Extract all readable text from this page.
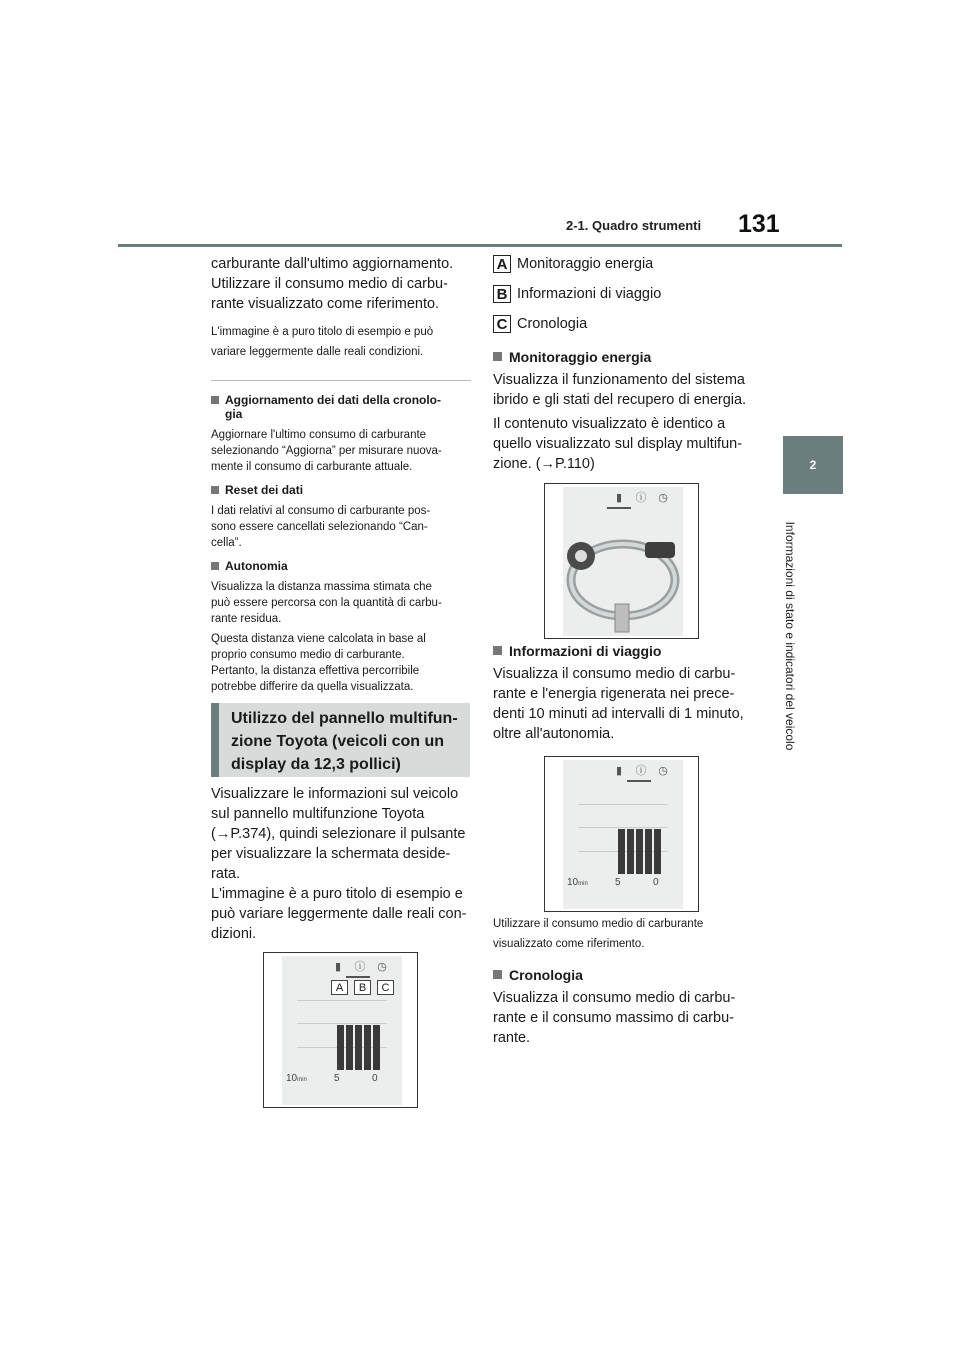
2-1. Quadro strumenti 131
2
Informazioni di stato e indicatori del veicolo

carburante dall'ultimo aggiornamento.

Utilizzare il consumo medio di carbu-

rante visualizzato come riferimento.

L'immagine è a puro titolo di esempio e può

variare leggermente dalle reali condizioni.

Aggiornamento dei dati della cronolo-
gia

Aggiornare l'ultimo consumo di carburante

selezionando “Aggiorna” per misurare nuova-

mente il consumo di carburante attuale.

Reset dei dati

I dati relativi al consumo di carburante pos-

sono essere cancellati selezionando “Can-

cella”.

Autonomia

Visualizza la distanza massima stimata che

può essere percorsa con la quantità di carbu-

rante residua.

Questa distanza viene calcolata in base al

proprio consumo medio di carburante.

Pertanto, la distanza effettiva percorribile

potrebbe differire da quella visualizzata.

Utilizzo del pannello multifun-
zione Toyota (veicoli con un
display da 12,3 pollici)

Visualizzare le informazioni sul veicolo

sul pannello multifunzione Toyota

(→P.374), quindi selezionare il pulsante

per visualizzare la schermata deside-

rata.

L'immagine è a puro titolo di esempio e

può variare leggermente dalle reali con-

dizioni.

▮	ⓘ	◷
A	B	C
10min	5	0
A Monitoraggio energia
B Informazioni di viaggio
C Cronologia
Monitoraggio energia

Visualizza il funzionamento del sistema

ibrido e gli stati del recupero di energia.

Il contenuto visualizzato è identico a

quello visualizzato sul display multifun-

zione. (→P.110)

▮	ⓘ	◷
Informazioni di viaggio

Visualizza il consumo medio di carbu-

rante e l'energia rigenerata nei prece-

denti 10 minuti ad intervalli di 1 minuto,

oltre all'autonomia.

▮	ⓘ	◷
10min	5	0

Utilizzare il consumo medio di carburante

visualizzato come riferimento.

Cronologia

Visualizza il consumo medio di carbu-

rante e il consumo massimo di carbu-

rante.
